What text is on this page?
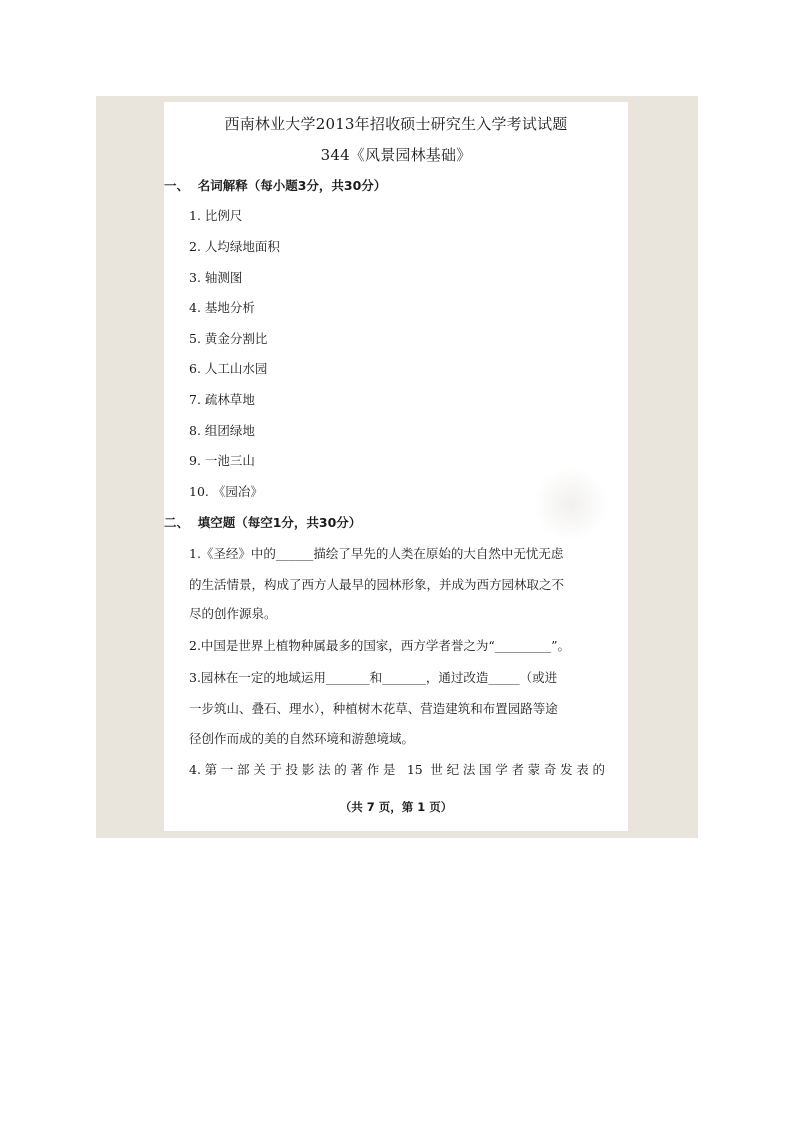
西南林业大学2013年招收硕士研究生入学考试试题
344《风景园林基础》
一、  名词解释（每小题3分，共30分）
1. 比例尺
2. 人均绿地面积
3. 轴测图
4. 基地分析
5. 黄金分割比
6. 人工山水园
7. 疏林草地
8. 组团绿地
9. 一池三山
10. 《园冶》
二、  填空题（每空1分，共30分）
1.《圣经》中的______描绘了早先的人类在原始的大自然中无忧无虑
的生活情景，构成了西方人最早的园林形象，并成为西方园林取之不
尽的创作源泉。
2.中国是世界上植物种属最多的国家，西方学者誉之为“_________”。
3.园林在一定的地域运用_______和_______，通过改造_____（或进
一步筑山、叠石、理水），种植树木花草、营造建筑和布置园路等途
径创作而成的美的自然环境和游憩境域。
4.第一部关于投影法的著作是 15 世纪法国学者蒙奇发表的
（共 7 页，第 1 页）
